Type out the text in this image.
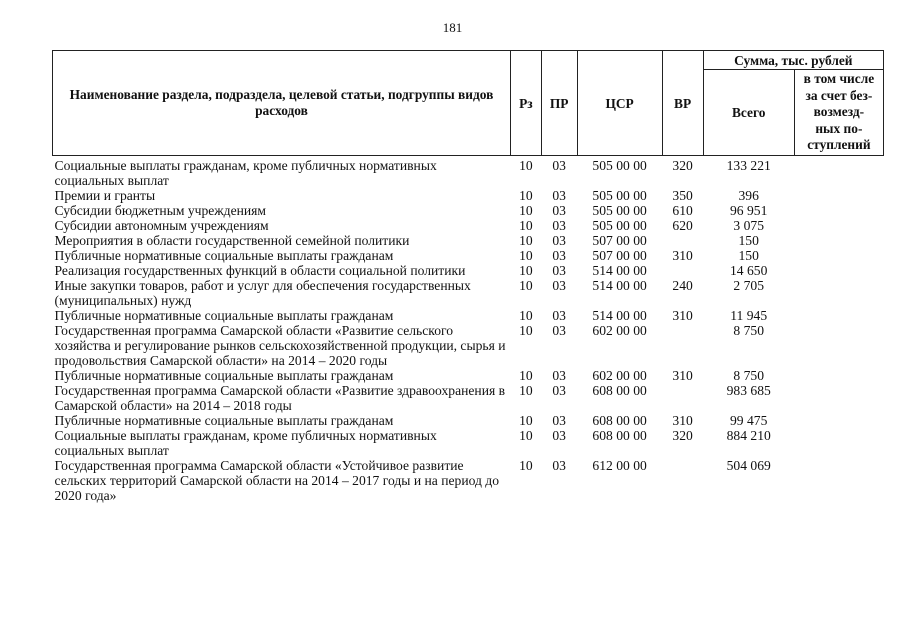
181
Наименование раздела, подраздела, целевой статьи, подгруппы видов расходов	Рз	ПР	ЦСР	ВР	Сумма, тыс. рублей	
					Всего	в том числе
за счет без-
возмезд-
ных по-
ступлений

Социальные выплаты гражданам, кроме публичных нормативных социальных выплат	10	03	505 00 00	320	133 221	
Премии и гранты	10	03	505 00 00	350	396	
Субсидии бюджетным учреждениям	10	03	505 00 00	610	96 951	
Субсидии автономным учреждениям	10	03	505 00 00	620	3 075	
Мероприятия в области государственной семейной политики	10	03	507 00 00		150	
Публичные нормативные социальные выплаты гражданам	10	03	507 00 00	310	150	
Реализация государственных функций в области социальной политики	10	03	514 00 00		14 650	
Иные закупки товаров, работ и услуг для обеспечения государственных (муниципальных) нужд	10	03	514 00 00	240	2 705	
Публичные нормативные социальные выплаты гражданам	10	03	514 00 00	310	11 945	
Государственная программа Самарской области «Развитие сельского хозяйства и регулирование рынков сельскохозяйственной продукции, сырья и продовольствия Самарской области» на 2014 – 2020 годы	10	03	602 00 00		8 750	
Публичные нормативные социальные выплаты гражданам	10	03	602 00 00	310	8 750	
Государственная программа Самарской области «Развитие здравоохранения в Самарской области» на 2014 – 2018 годы	10	03	608 00 00		983 685	
Публичные нормативные социальные выплаты гражданам	10	03	608 00 00	310	99 475	
Социальные выплаты гражданам, кроме публичных нормативных социальных выплат	10	03	608 00 00	320	884 210	
Государственная программа Самарской области «Устойчивое развитие сельских территорий Самарской области на 2014 – 2017 годы и на период до 2020 года»	10	03	612 00 00		504 069	
